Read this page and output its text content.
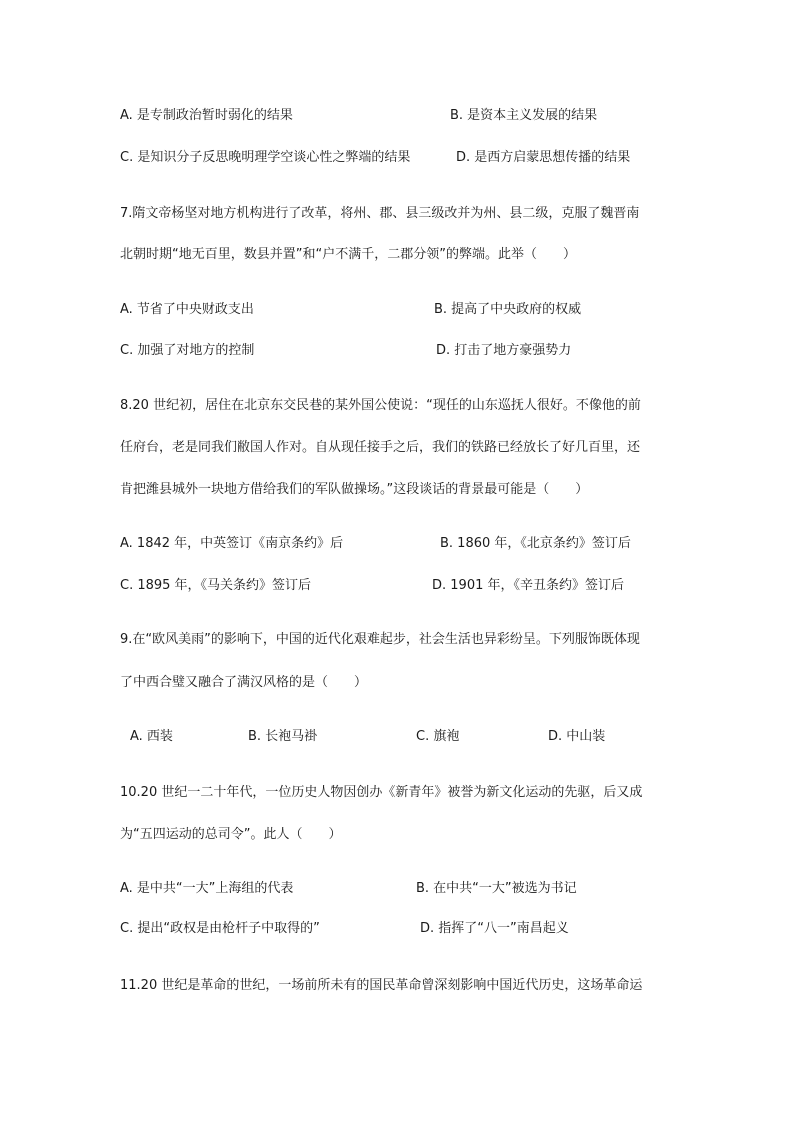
A. 是专制政治暂时弱化的结果	B. 是资本主义发展的结果
C. 是知识分子反思晚明理学空谈心性之弊端的结果	D. 是西方启蒙思想传播的结果
7.隋文帝杨坚对地方机构进行了改革，将州、郡、县三级改并为州、县二级，克服了魏晋南
北朝时期“地无百里，数县并置”和“户不满千，二郡分领”的弊端。此举（　　）
A. 节省了中央财政支出	B. 提高了中央政府的权威
C. 加强了对地方的控制	D. 打击了地方豪强势力
8.20 世纪初，居住在北京东交民巷的某外国公使说：“现任的山东巡抚人很好。不像他的前
任府台，老是同我们敝国人作对。自从现任接手之后，我们的铁路已经放长了好几百里，还
肯把潍县城外一块地方借给我们的军队做操场。”这段谈话的背景最可能是（　　）
A. 1842 年，中英签订《南京条约》后	B. 1860 年，《北京条约》签订后
C. 1895 年，《马关条约》签订后	D. 1901 年，《辛丑条约》签订后
9.在“欧风美雨”的影响下，中国的近代化艰难起步，社会生活也异彩纷呈。下列服饰既体现
了中西合璧又融合了满汉风格的是（　　）
A. 西装	B. 长袍马褂	C. 旗袍	D. 中山装
10.20 世纪一二十年代，一位历史人物因创办《新青年》被誉为新文化运动的先驱，后又成
为“五四运动的总司令”。此人（　　）
A. 是中共“一大”上海组的代表	B. 在中共“一大”被选为书记
C. 提出“政权是由枪杆子中取得的”	D. 指挥了“八一”南昌起义
11.20 世纪是革命的世纪，一场前所未有的国民革命曾深刻影响中国近代历史，这场革命运
